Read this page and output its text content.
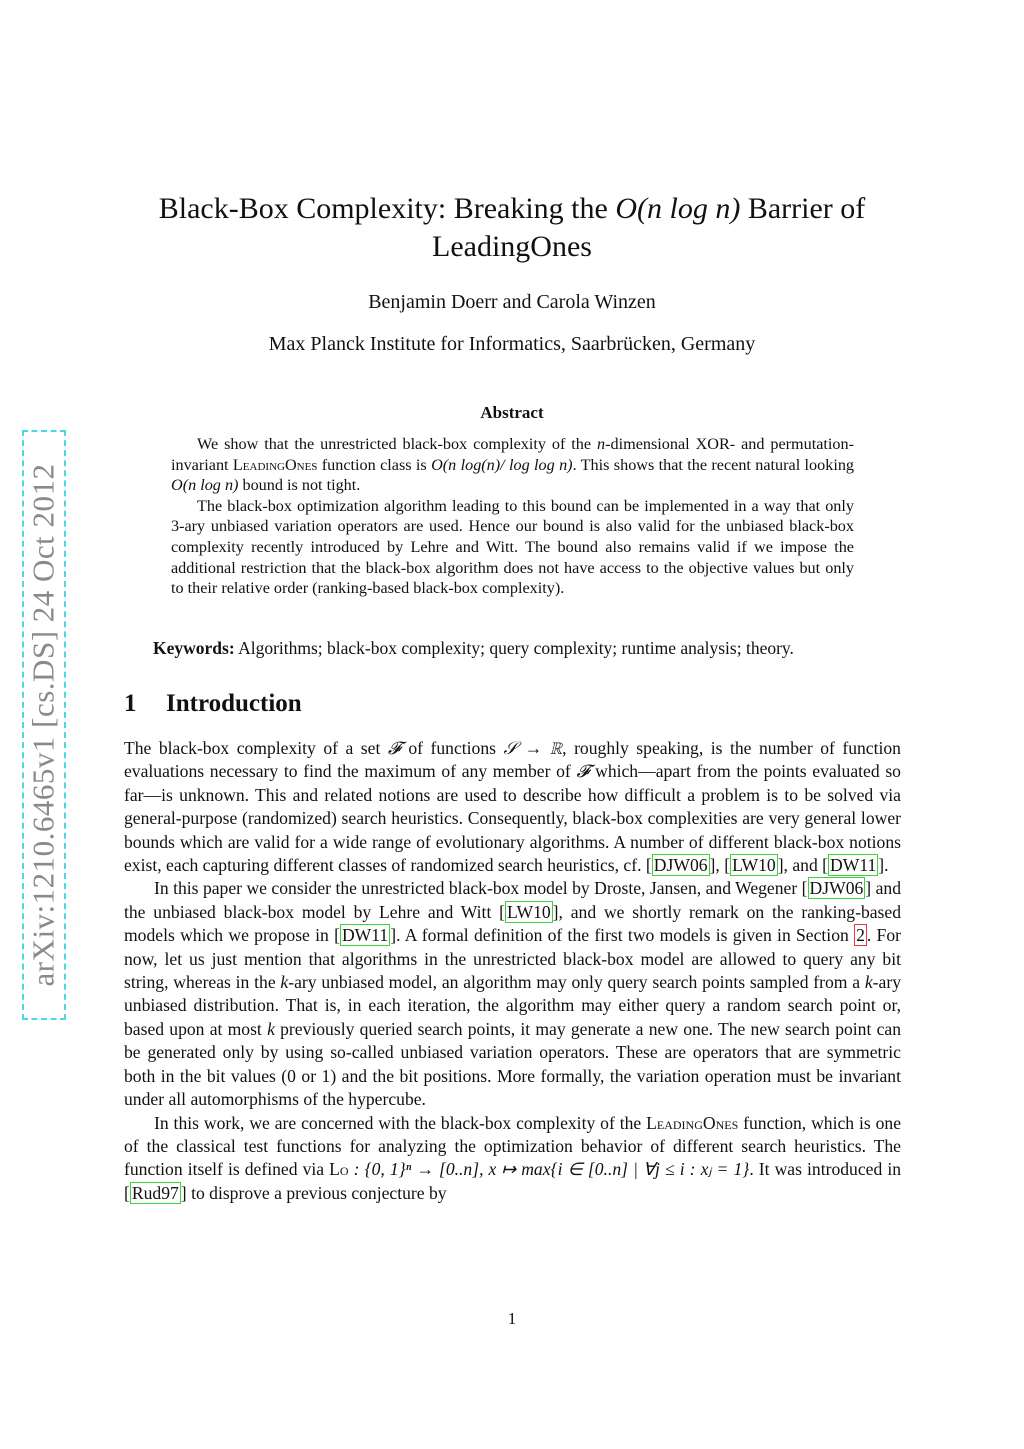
arXiv:1210.6465v1 [cs.DS] 24 Oct 2012
Black-Box Complexity: Breaking the O(n log n) Barrier of
LeadingOnes
Benjamin Doerr and Carola Winzen
Max Planck Institute for Informatics, Saarbrücken, Germany
Abstract

We show that the unrestricted black-box complexity of the n-dimensional XOR- and permutation-invariant LeadingOnes function class is O(n log(n)/ log log n). This shows that the recent natural looking O(n log n) bound is not tight.

The black-box optimization algorithm leading to this bound can be implemented in a way that only 3-ary unbiased variation operators are used. Hence our bound is also valid for the unbiased black-box complexity recently introduced by Lehre and Witt. The bound also remains valid if we impose the additional restriction that the black-box algorithm does not have access to the objective values but only to their relative order (ranking-based black-box complexity).

Keywords: Algorithms; black-box complexity; query complexity; runtime analysis; theory.
1 Introduction

The black-box complexity of a set 𝓕 of functions 𝒮 → ℝ, roughly speaking, is the number of function evaluations necessary to find the maximum of any member of 𝓕 which—apart from the points evaluated so far—is unknown. This and related notions are used to describe how difficult a problem is to be solved via general-purpose (randomized) search heuristics. Consequently, black-box complexities are very general lower bounds which are valid for a wide range of evolutionary algorithms. A number of different black-box notions exist, each capturing different classes of randomized search heuristics, cf. [ DJW06 ], [ LW10 ], and [ DW11 ].

In this paper we consider the unrestricted black-box model by Droste, Jansen, and Wegener [ DJW06 ] and the unbiased black-box model by Lehre and Witt [ LW10 ], and we shortly remark on the ranking-based models which we propose in [ DW11 ]. A formal definition of the first two models is given in Section 2 . For now, let us just mention that algorithms in the unrestricted black-box model are allowed to query any bit string, whereas in the k-ary unbiased model, an algorithm may only query search points sampled from a k-ary unbiased distribution. That is, in each iteration, the algorithm may either query a random search point or, based upon at most k previously queried search points, it may generate a new one. The new search point can be generated only by using so-called unbiased variation operators. These are operators that are symmetric both in the bit values (0 or 1) and the bit positions. More formally, the variation operation must be invariant under all automorphisms of the hypercube.

In this work, we are concerned with the black-box complexity of the LeadingOnes function, which is one of the classical test functions for analyzing the optimization behavior of different search heuristics. The function itself is defined via Lo : {0, 1}ⁿ → [0..n], x ↦ max{i ∈ [0..n] | ∀j ≤ i : xⱼ = 1}. It was introduced in [ Rud97 ] to disprove a previous conjecture by

1
